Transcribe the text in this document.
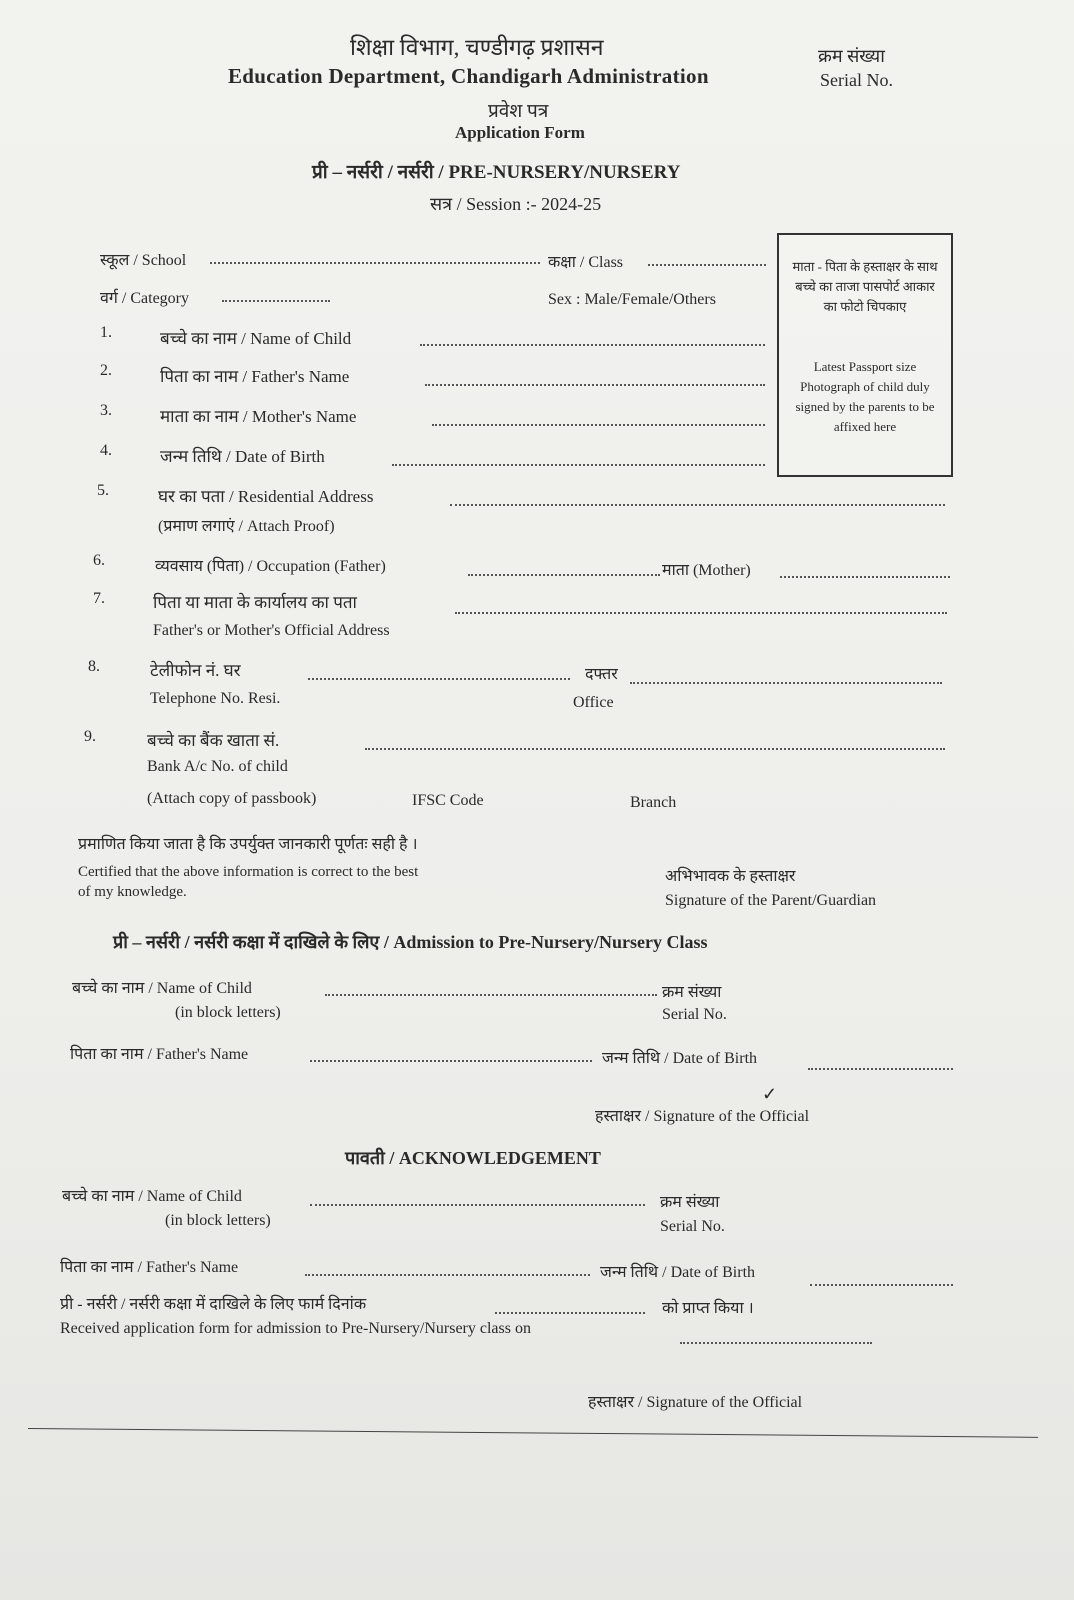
शिक्षा विभाग, चण्डीगढ़ प्रशासन
Education Department, Chandigarh Administration
प्रवेश पत्र
Application Form
प्री – नर्सरी / नर्सरी / PRE-NURSERY/NURSERY
सत्र / Session :- 2024-25
क्रम संख्या
Serial No.
माता - पिता के हस्ताक्षर के साथ बच्चे का ताजा पासपोर्ट आकार का फोटो चिपकाए
Latest Passport size Photograph of child duly signed by the parents to be affixed here
स्कूल / School	कक्षा / Class
वर्ग / Category	Sex : Male/Female/Others
1.	बच्चे का नाम / Name of Child
2.	पिता का नाम / Father's Name
3.	माता का नाम / Mother's Name
4.	जन्म तिथि / Date of Birth
5.	घर का पता / Residential Address
(प्रमाण लगाएं / Attach Proof)
6.	व्यवसाय (पिता) / Occupation (Father)	माता (Mother)
7.	पिता या माता के कार्यालय का पता
Father's or Mother's Official Address
8.	टेलीफोन नं. घर	दफ्तर
Telephone No. Resi.	Office
9.	बच्चे का बैंक खाता सं.
Bank A/c No. of child
(Attach copy of passbook)	IFSC Code	Branch
प्रमाणित किया जाता है कि उपर्युक्त जानकारी पूर्णतः सही है ।
Certified that the above information is correct to the best
of my knowledge.
अभिभावक के हस्ताक्षर
Signature of the Parent/Guardian
प्री – नर्सरी / नर्सरी कक्षा में दाखिले के लिए / Admission to Pre-Nursery/Nursery Class
बच्चे का नाम / Name of Child
(in block letters)
क्रम संख्या
Serial No.
पिता का नाम / Father's Name	जन्म तिथि / Date of Birth
✓
हस्ताक्षर / Signature of the Official
पावती / ACKNOWLEDGEMENT
बच्चे का नाम / Name of Child
(in block letters)
क्रम संख्या
Serial No.
पिता का नाम / Father's Name	जन्म तिथि / Date of Birth
प्री - नर्सरी / नर्सरी कक्षा में दाखिले के लिए फार्म दिनांक	को प्राप्त किया ।
Received application form for admission to Pre-Nursery/Nursery class on
हस्ताक्षर / Signature of the Official
